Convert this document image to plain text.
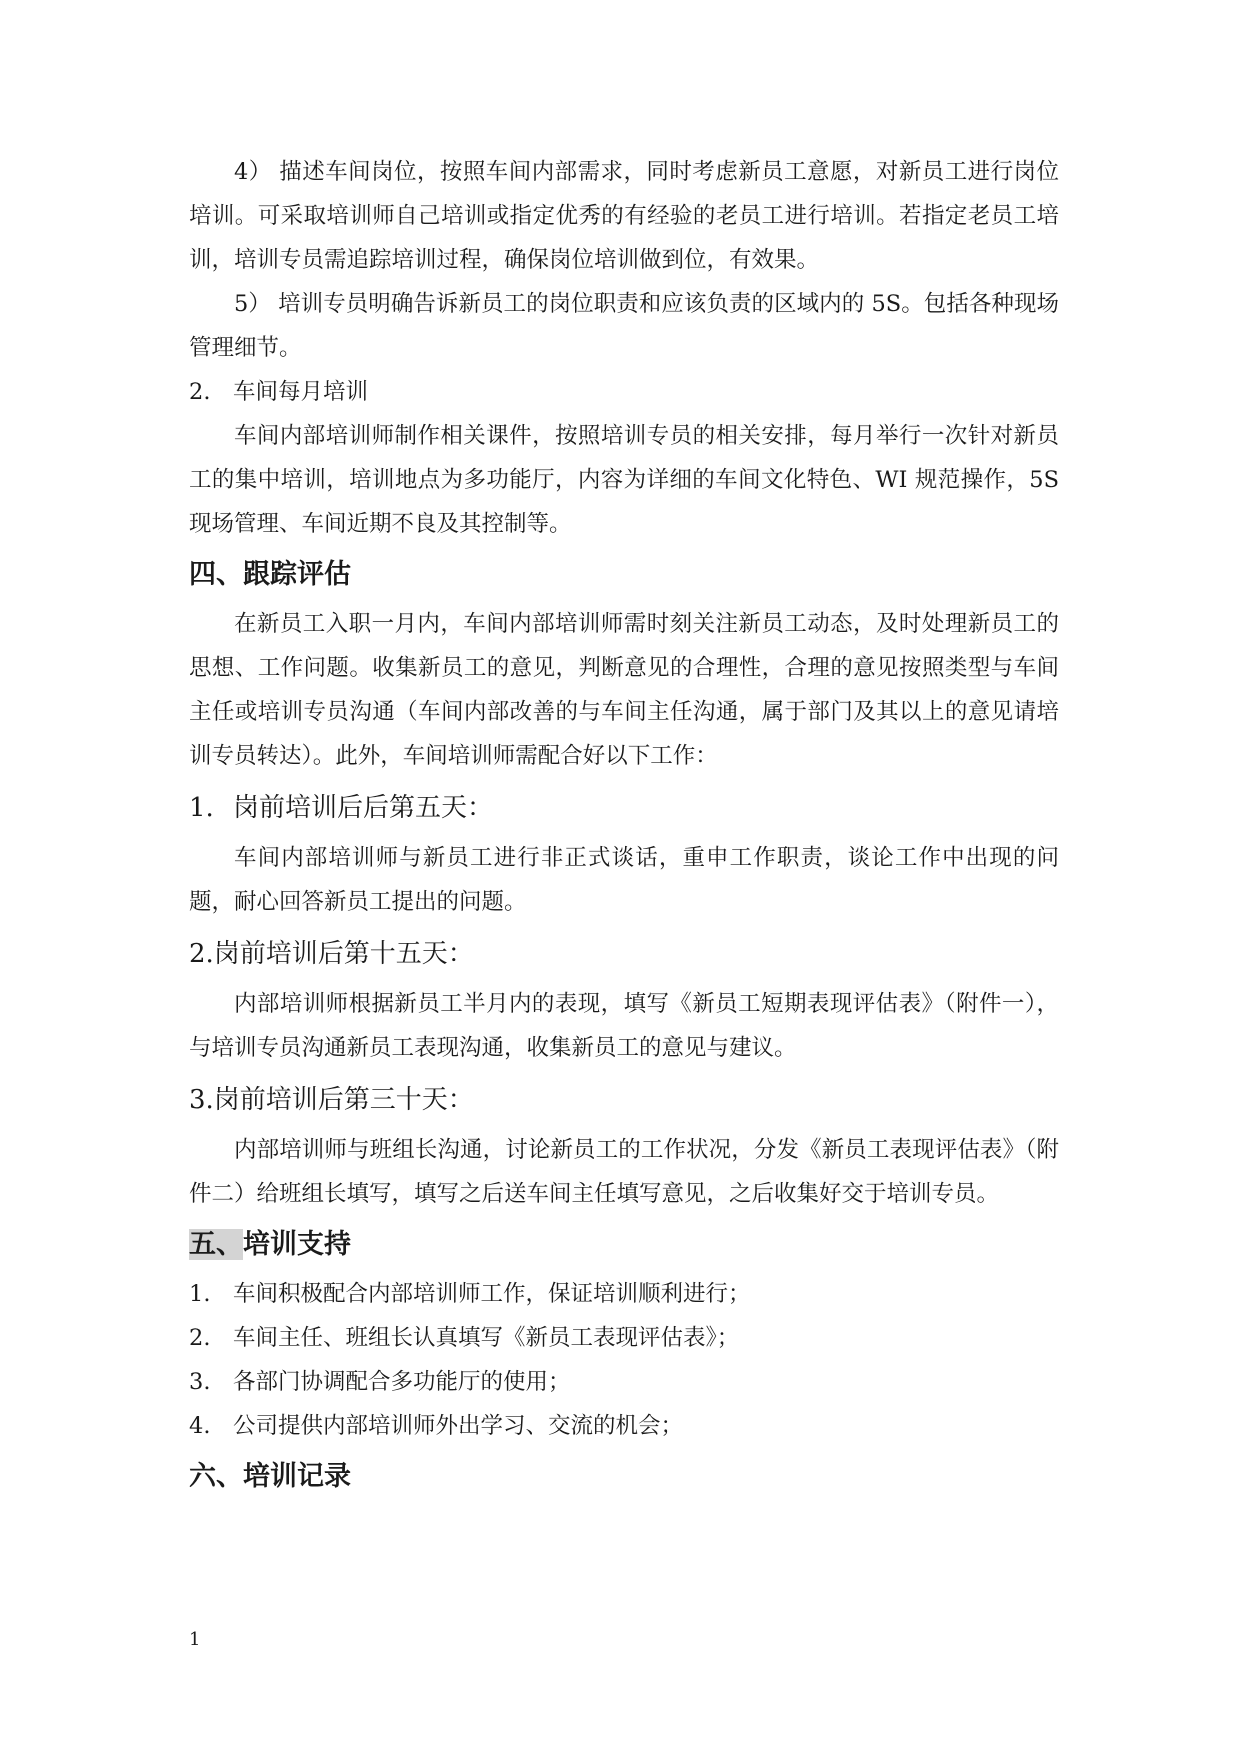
4） 描述车间岗位，按照车间内部需求，同时考虑新员工意愿，对新员工进行岗位培训。可采取培训师自己培训或指定优秀的有经验的老员工进行培训。若指定老员工培训，培训专员需追踪培训过程，确保岗位培训做到位，有效果。

5） 培训专员明确告诉新员工的岗位职责和应该负责的区域内的 5S。包括各种现场管理细节。

2.	车间每月培训

车间内部培训师制作相关课件，按照培训专员的相关安排，每月举行一次针对新员工的集中培训，培训地点为多功能厅，内容为详细的车间文化特色、WI 规范操作，5S 现场管理、车间近期不良及其控制等。

四、跟踪评估

在新员工入职一月内，车间内部培训师需时刻关注新员工动态，及时处理新员工的思想、工作问题。收集新员工的意见，判断意见的合理性，合理的意见按照类型与车间主任或培训专员沟通（车间内部改善的与车间主任沟通，属于部门及其以上的意见请培训专员转达）。此外，车间培训师需配合好以下工作：

1. 岗前培训后后第五天：

车间内部培训师与新员工进行非正式谈话，重申工作职责，谈论工作中出现的问题，耐心回答新员工提出的问题。

2.岗前培训后第十五天：

内部培训师根据新员工半月内的表现，填写《新员工短期表现评估表》（附件一），与培训专员沟通新员工表现沟通，收集新员工的意见与建议。

3.岗前培训后第三十天：

内部培训师与班组长沟通，讨论新员工的工作状况，分发《新员工表现评估表》（附件二）给班组长填写，填写之后送车间主任填写意见，之后收集好交于培训专员。

五、培训支持
1.	车间积极配合内部培训师工作，保证培训顺利进行；
2.	车间主任、班组长认真填写《新员工表现评估表》；
3.	各部门协调配合多功能厅的使用；
4.	公司提供内部培训师外出学习、交流的机会；
六、培训记录
1
